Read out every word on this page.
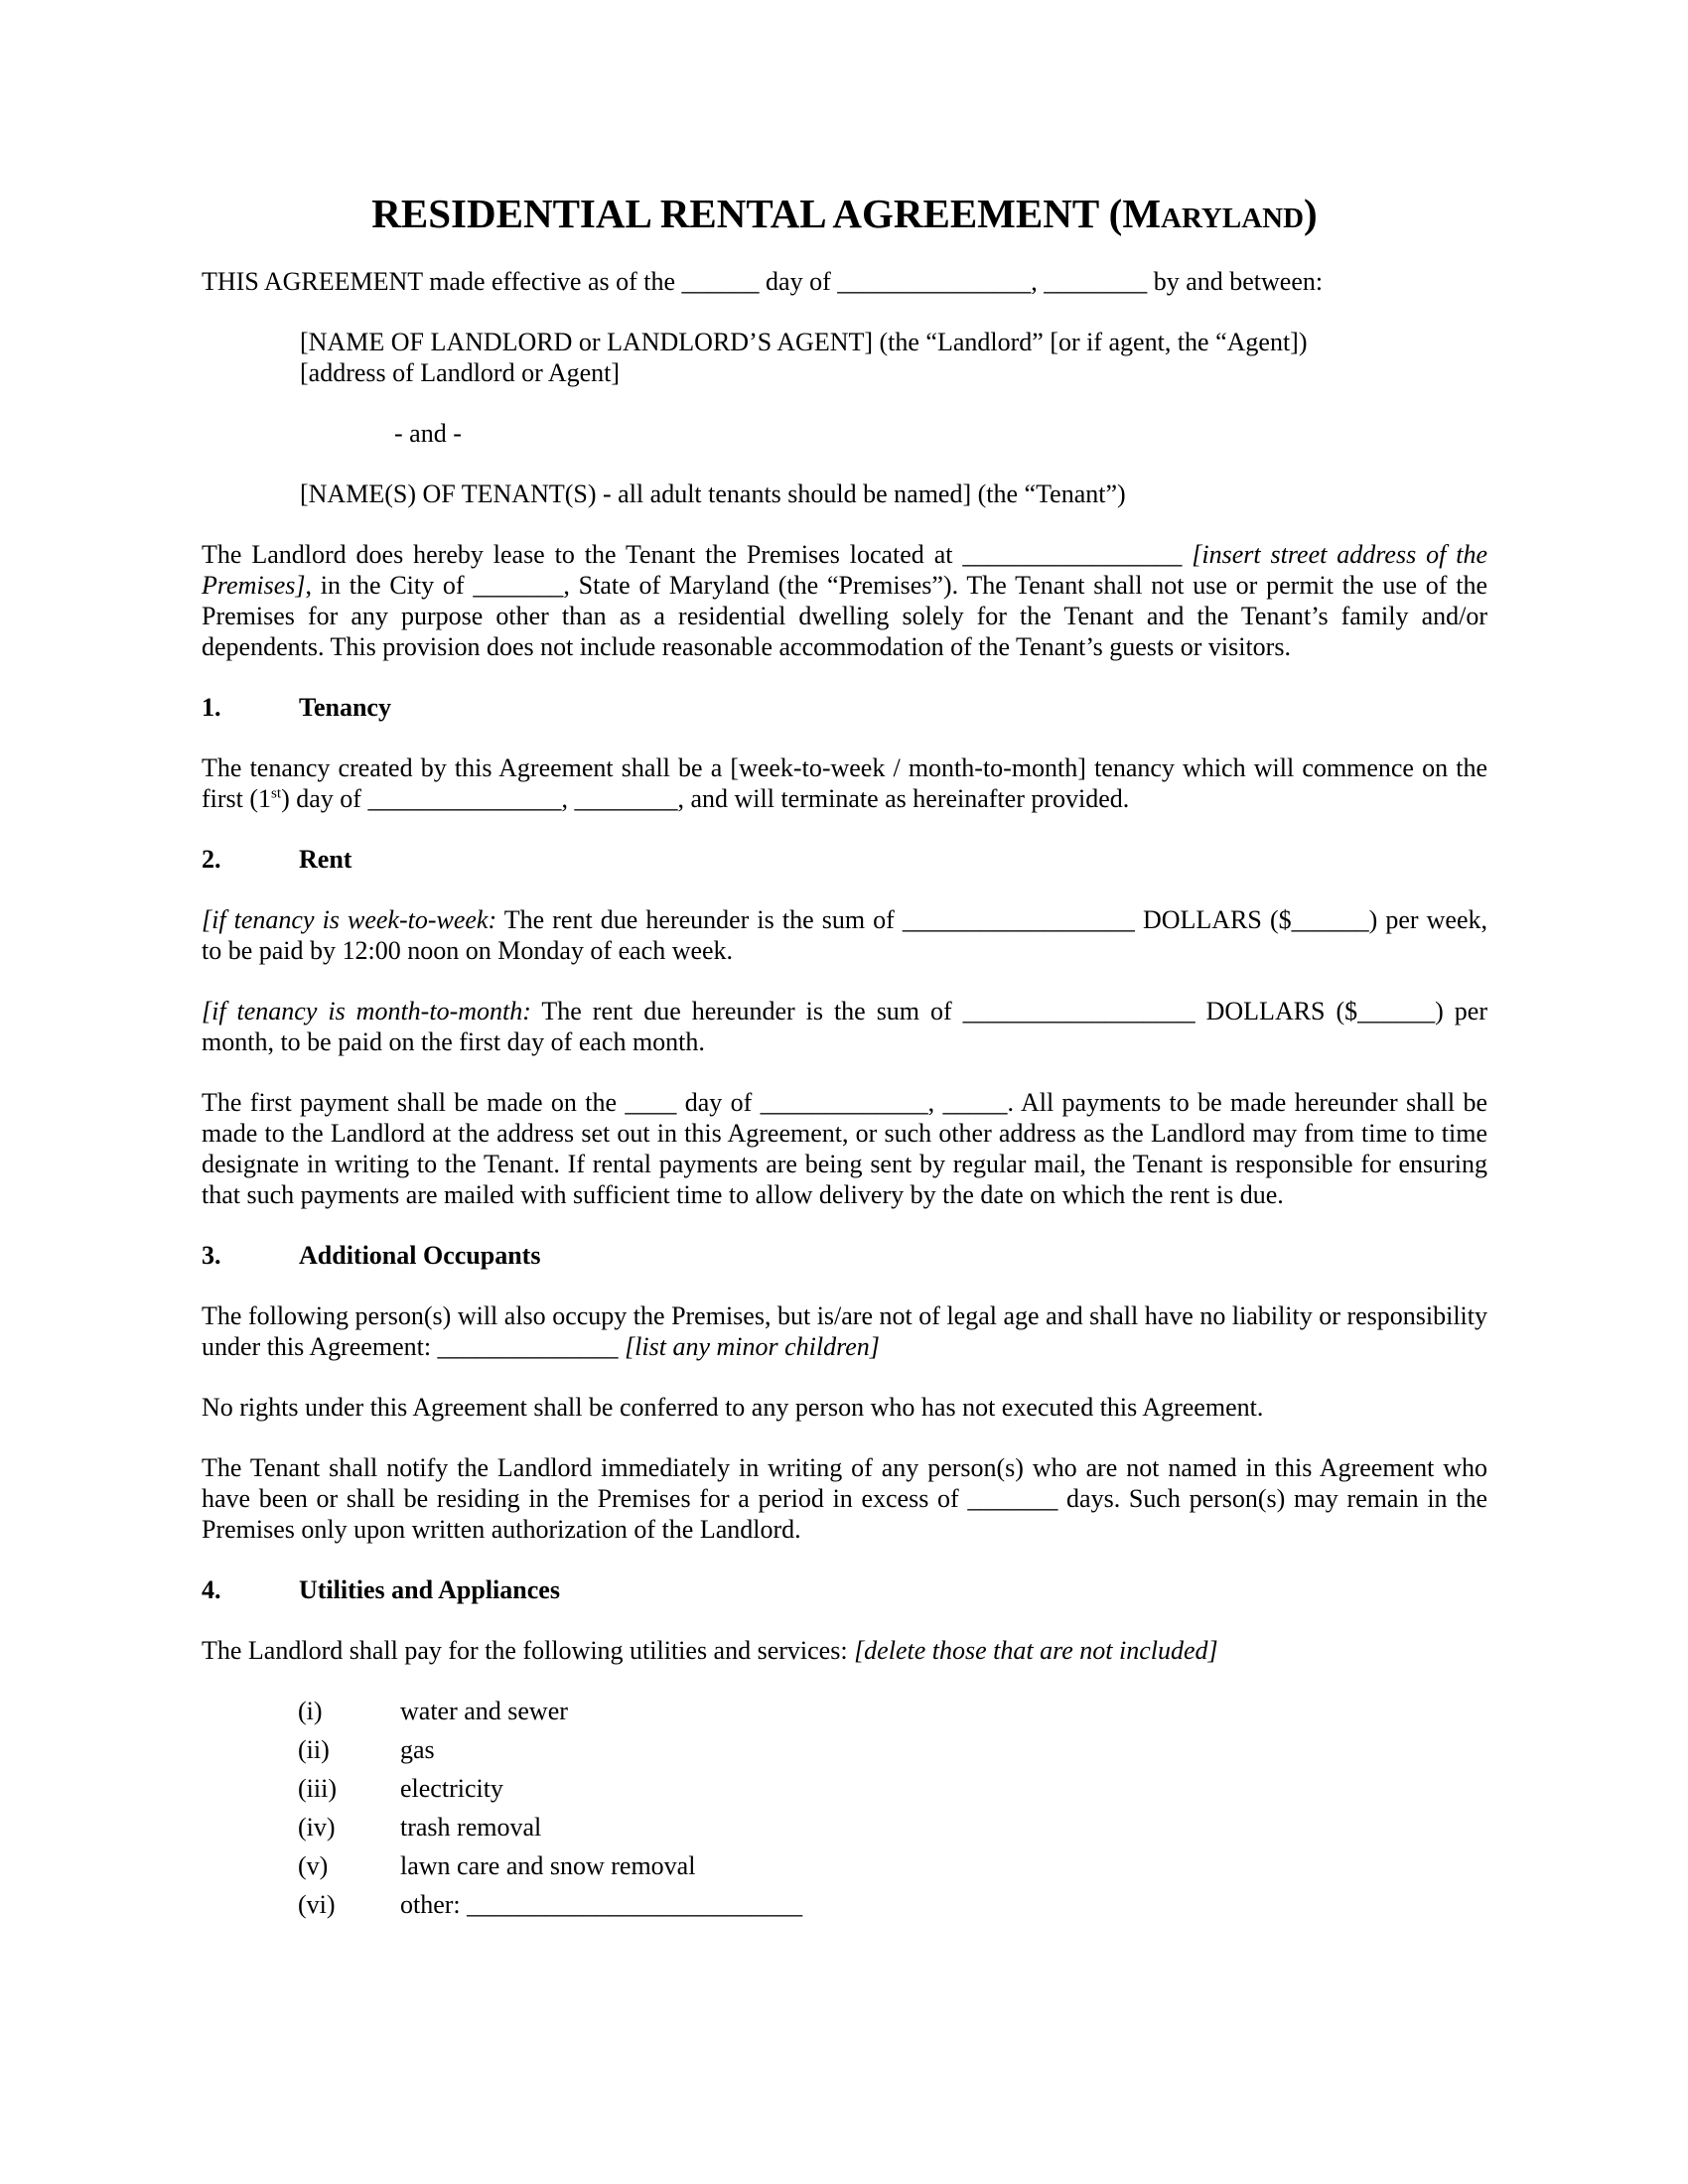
RESIDENTIAL RENTAL AGREEMENT (Maryland)

THIS AGREEMENT made effective as of the ______ day of _______________, ________ by and between:

[NAME OF LANDLORD or LANDLORD’S AGENT] (the “Landlord” [or if agent, the “Agent])

[address of Landlord or Agent]

- and -

[NAME(S) OF TENANT(S) - all adult tenants should be named] (the “Tenant”)

The Landlord does hereby lease to the Tenant the Premises located at _________________ [insert street address of the Premises], in the City of _______, State of Maryland (the “Premises”). The Tenant shall not use or permit the use of the Premises for any purpose other than as a residential dwelling solely for the Tenant and the Tenant’s family and/or dependents. This provision does not include reasonable accommodation of the Tenant’s guests or visitors.

1.	Tenancy

The tenancy created by this Agreement shall be a [week-to-week / month-to-month] tenancy which will commence on the first (1st) day of _______________, ________, and will terminate as hereinafter provided.

2.	Rent

[if tenancy is week-to-week: The rent due hereunder is the sum of __________________ DOLLARS ($______) per week, to be paid by 12:00 noon on Monday of each week.

[if tenancy is month-to-month: The rent due hereunder is the sum of __________________ DOLLARS ($______) per month, to be paid on the first day of each month.

The first payment shall be made on the ____ day of _____________, _____. All payments to be made hereunder shall be made to the Landlord at the address set out in this Agreement, or such other address as the Landlord may from time to time designate in writing to the Tenant. If rental payments are being sent by regular mail, the Tenant is responsible for ensuring that such payments are mailed with sufficient time to allow delivery by the date on which the rent is due.

3.	Additional Occupants

The following person(s) will also occupy the Premises, but is/are not of legal age and shall have no liability or responsibility under this Agreement: ______________ [list any minor children]

No rights under this Agreement shall be conferred to any person who has not executed this Agreement.

The Tenant shall notify the Landlord immediately in writing of any person(s) who are not named in this Agreement who have been or shall be residing in the Premises for a period in excess of _______ days. Such person(s) may remain in the Premises only upon written authorization of the Landlord.

4.	Utilities and Appliances

The Landlord shall pay for the following utilities and services: [delete those that are not included]

(i)	water and sewer
(ii)	gas
(iii)	electricity
(iv)	trash removal
(v)	lawn care and snow removal
(vi)	other: __________________________
